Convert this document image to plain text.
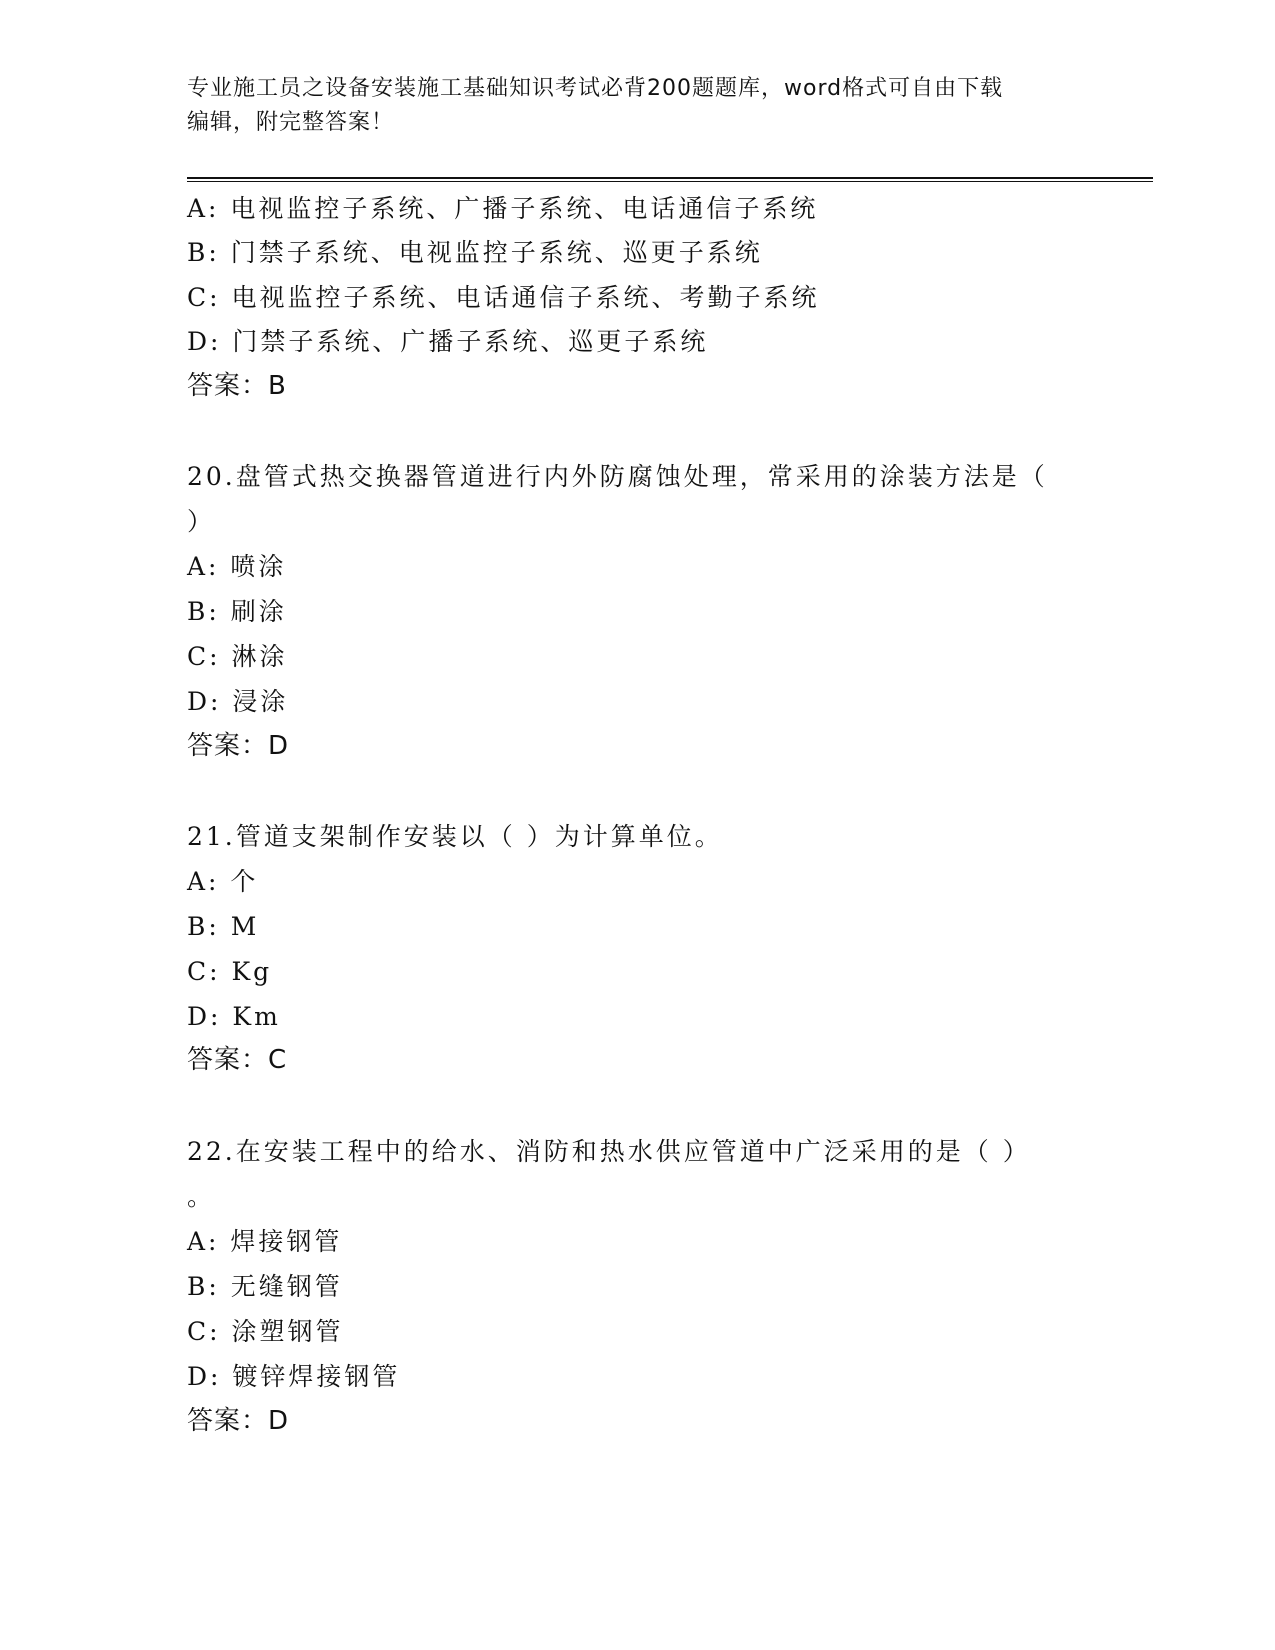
专业施工员之设备安装施工基础知识考试必背200题题库，word格式可自由下载
编辑，附完整答案！
A: 电视监控子系统、广播子系统、电话通信子系统
B: 门禁子系统、电视监控子系统、巡更子系统
C: 电视监控子系统、电话通信子系统、考勤子系统
D: 门禁子系统、广播子系统、巡更子系统
答案：B
20.盘管式热交换器管道进行内外防腐蚀处理，常采用的涂装方法是（
）
A: 喷涂
B: 刷涂
C: 淋涂
D: 浸涂
答案：D
21.管道支架制作安装以（ ）为计算单位。
A: 个
B: M
C: Kg
D: Km
答案：C
22.在安装工程中的给水、消防和热水供应管道中广泛采用的是（ ）
。
A: 焊接钢管
B: 无缝钢管
C: 涂塑钢管
D: 镀锌焊接钢管
答案：D
